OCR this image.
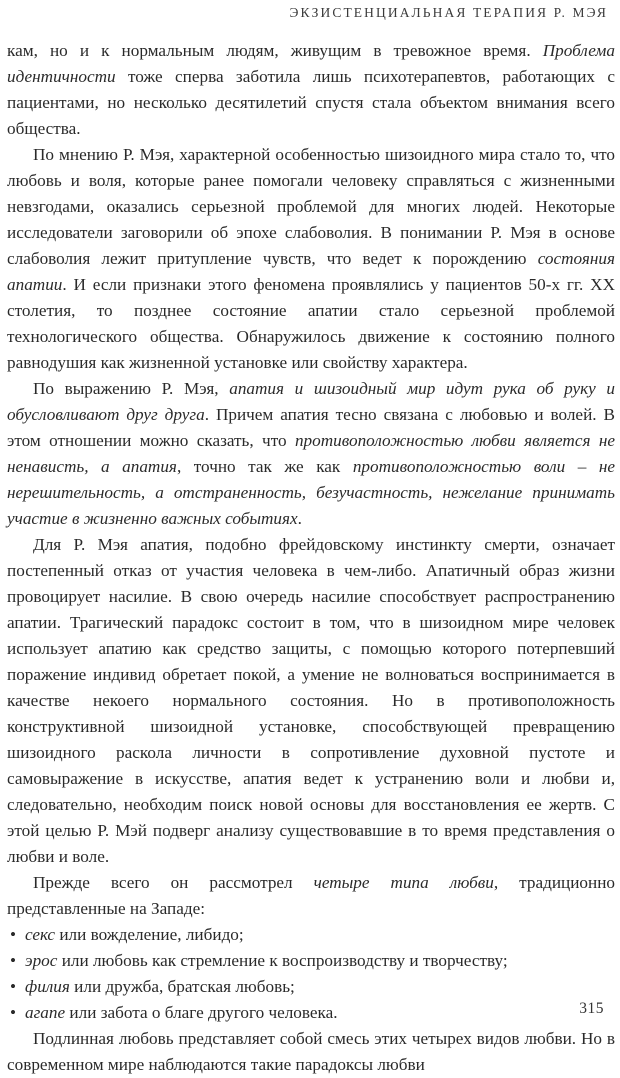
ЭКЗИСТЕНЦИАЛЬНАЯ ТЕРАПИЯ Р. МЭЯ

кам, но и к нормальным людям, живущим в тревожное время. Проблема идентичности тоже сперва заботила лишь психотерапевтов, работающих с пациентами, но несколько десятилетий спустя стала объектом внимания всего общества.

По мнению Р. Мэя, характерной особенностью шизоидного мира стало то, что любовь и воля, которые ранее помогали человеку справляться с жизненными невзгодами, оказались серьезной проблемой для многих людей. Некоторые исследователи заговорили об эпохе слабоволия. В понимании Р. Мэя в основе слабоволия лежит притупление чувств, что ведет к порождению состояния апатии. И если признаки этого феномена проявлялись у пациентов 50-х гг. XX столетия, то позднее состояние апатии стало серьезной проблемой технологического общества. Обнаружилось движение к состоянию полного равнодушия как жизненной установке или свойству характера.

По выражению Р. Мэя, апатия и шизоидный мир идут рука об руку и обусловливают друг друга. Причем апатия тесно связана с любовью и волей. В этом отношении можно сказать, что противоположностью любви является не ненависть, а апатия, точно так же как противоположностью воли – не нерешительность, а отстраненность, безучастность, нежелание принимать участие в жизненно важных событиях.

Для Р. Мэя апатия, подобно фрейдовскому инстинкту смерти, означает постепенный отказ от участия человека в чем-либо. Апатичный образ жизни провоцирует насилие. В свою очередь насилие способствует распространению апатии. Трагический парадокс состоит в том, что в шизоидном мире человек использует апатию как средство защиты, с помощью которого потерпевший поражение индивид обретает покой, а умение не волноваться воспринимается в качестве некоего нормального состояния. Но в противоположность конструктивной шизоидной установке, способствующей превращению шизоидного раскола личности в сопротивление духовной пустоте и самовыражение в искусстве, апатия ведет к устранению воли и любви и, следовательно, необходим поиск новой основы для восстановления ее жертв. С этой целью Р. Мэй подверг анализу существовавшие в то время представления о любви и воле.

Прежде всего он рассмотрел четыре типа любви, традиционно представленные на Западе:

• секс или вожделение, либидо;
• эрос или любовь как стремление к воспроизводству и творчеству;
• филия или дружба, братская любовь;
• агапе или забота о благе другого человека.

Подлинная любовь представляет собой смесь этих четырех видов любви. Но в современном мире наблюдаются такие парадоксы любви

315
